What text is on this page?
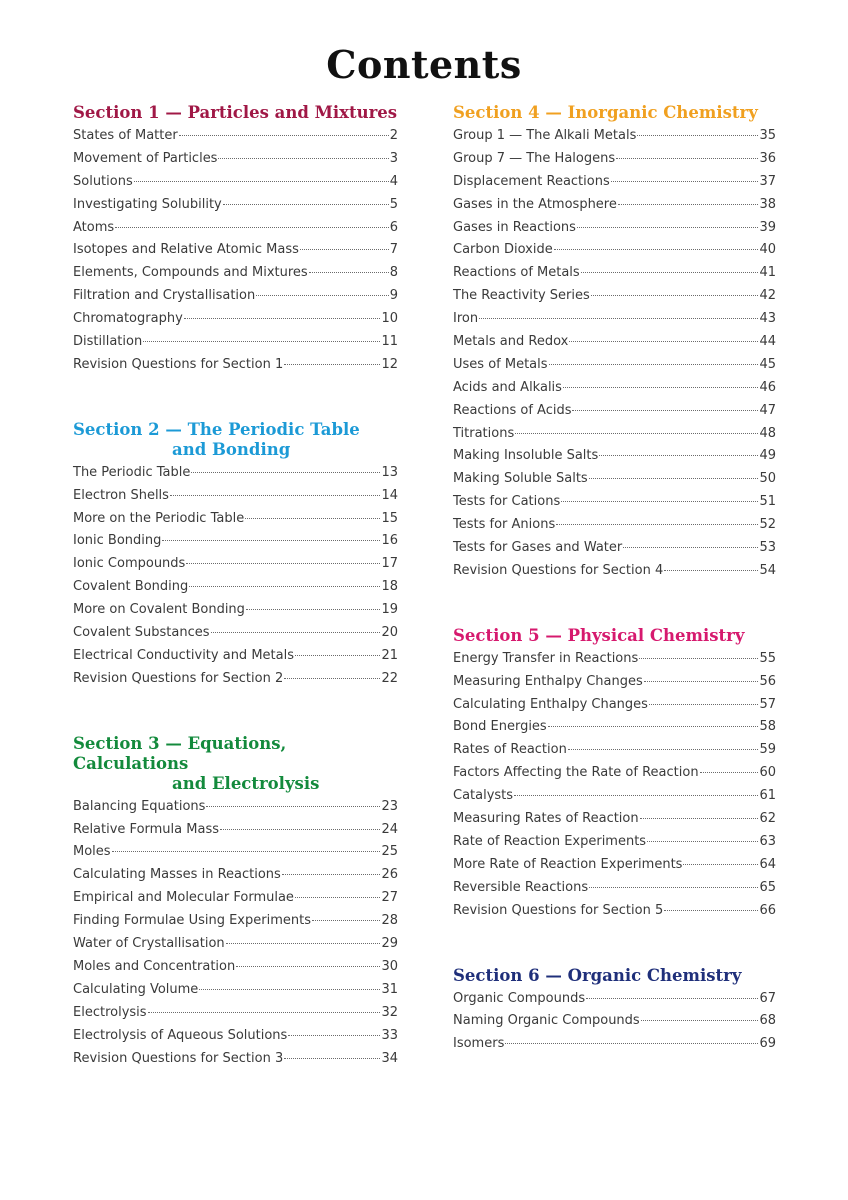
Contents
Section 1 — Particles and Mixtures
States of Matter	2
Movement of Particles	3
Solutions	4
Investigating Solubility	5
Atoms	6
Isotopes and Relative Atomic Mass	7
Elements, Compounds and Mixtures	8
Filtration and Crystallisation	9
Chromatography	10
Distillation	11
Revision Questions for Section 1	12
Section 2 — The Periodic Table
and Bonding
The Periodic Table	13
Electron Shells	14
More on the Periodic Table	15
Ionic Bonding	16
Ionic Compounds	17
Covalent Bonding	18
More on Covalent Bonding	19
Covalent Substances	20
Electrical Conductivity and Metals	21
Revision Questions for Section 2	22
Section 3 — Equations, Calculations
and Electrolysis
Balancing Equations	23
Relative Formula Mass	24
Moles	25
Calculating Masses in Reactions	26
Empirical and Molecular Formulae	27
Finding Formulae Using Experiments	28
Water of Crystallisation	29
Moles and Concentration	30
Calculating Volume	31
Electrolysis	32
Electrolysis of Aqueous Solutions	33
Revision Questions for Section 3	34
Section 4 — Inorganic Chemistry
Group 1 — The Alkali Metals	35
Group 7 — The Halogens	36
Displacement Reactions	37
Gases in the Atmosphere	38
Gases in Reactions	39
Carbon Dioxide	40
Reactions of Metals	41
The Reactivity Series	42
Iron	43
Metals and Redox	44
Uses of Metals	45
Acids and Alkalis	46
Reactions of Acids	47
Titrations	48
Making Insoluble Salts	49
Making Soluble Salts	50
Tests for Cations	51
Tests for Anions	52
Tests for Gases and Water	53
Revision Questions for Section 4	54
Section 5 — Physical Chemistry
Energy Transfer in Reactions	55
Measuring Enthalpy Changes	56
Calculating Enthalpy Changes	57
Bond Energies	58
Rates of Reaction	59
Factors Affecting the Rate of Reaction	60
Catalysts	61
Measuring Rates of Reaction	62
Rate of Reaction Experiments	63
More Rate of Reaction Experiments	64
Reversible Reactions	65
Revision Questions for Section 5	66
Section 6 — Organic Chemistry
Organic Compounds	67
Naming Organic Compounds	68
Isomers	69
